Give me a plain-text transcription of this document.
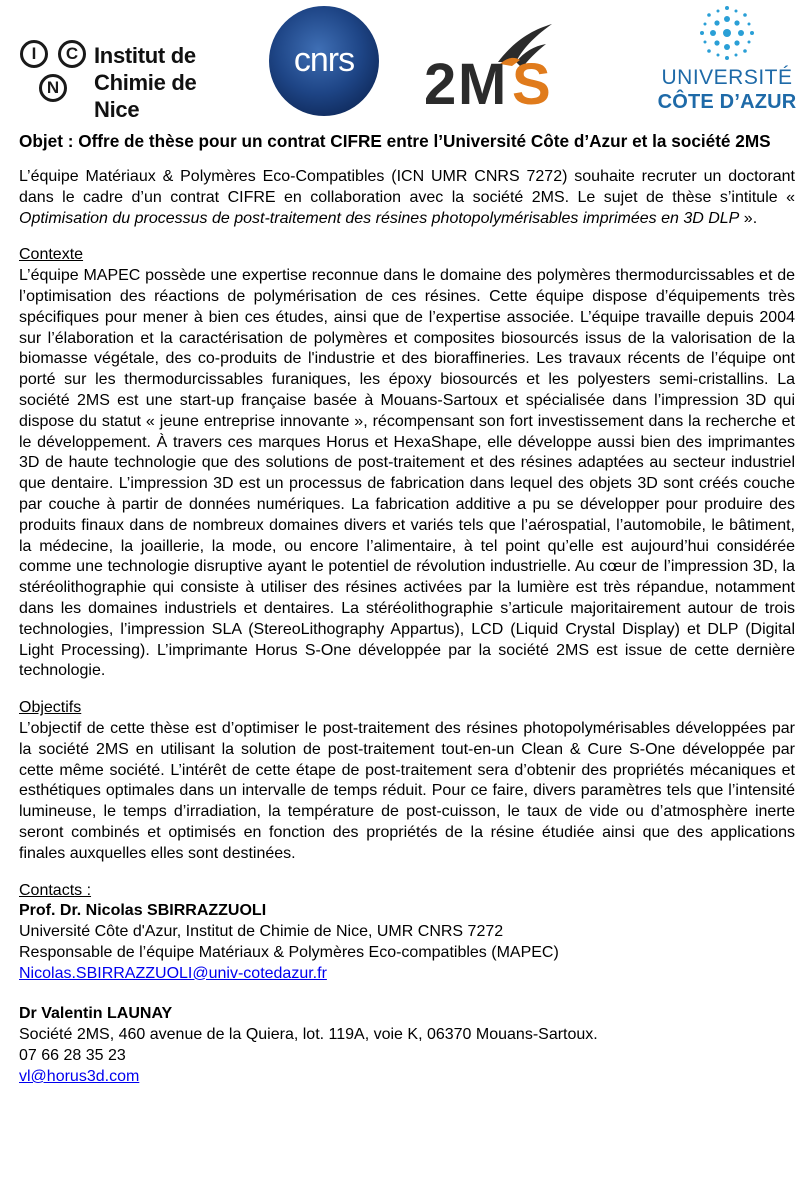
I	C
N
Institut de
Chimie de Nice
cnrs 2 M S	UNIVERSITÉ
CÔTE D’AZUR
Objet : Offre de thèse pour un contrat CIFRE entre l’Université Côte d’Azur et la société 2MS

L’équipe Matériaux & Polymères Eco-Compatibles (ICN UMR CNRS 7272) souhaite recruter un doctorant dans le cadre d’un contrat CIFRE en collaboration avec la société 2MS. Le sujet de thèse s’intitule « Optimisation du processus de post-traitement des résines photopolymérisables imprimées en 3D DLP ».

Contexte

L’équipe MAPEC possède une expertise reconnue dans le domaine des polymères thermodurcissables et de l’optimisation des réactions de polymérisation de ces résines. Cette équipe dispose d’équipements très spécifiques pour mener à bien ces études, ainsi que de l’expertise associée. L’équipe travaille depuis 2004 sur l’élaboration et la caractérisation de polymères et composites biosourcés issus de la valorisation de la biomasse végétale, des co-produits de l'industrie et des bioraffineries. Les travaux récents de l’équipe ont porté sur les thermodurcissables furaniques, les époxy biosourcés et les polyesters semi-cristallins. La société 2MS est une start-up française basée à Mouans-Sartoux et spécialisée dans l’impression 3D qui dispose du statut « jeune entreprise innovante », récompensant son fort investissement dans la recherche et le développement. À travers ces marques Horus et HexaShape, elle développe aussi bien des imprimantes 3D de haute technologie que des solutions de post-traitement et des résines adaptées au secteur industriel que dentaire. L’impression 3D est un processus de fabrication dans lequel des objets 3D sont créés couche par couche à partir de données numériques. La fabrication additive a pu se développer pour produire des produits finaux dans de nombreux domaines divers et variés tels que l’aérospatial, l’automobile, le bâtiment, la médecine, la joaillerie, la mode, ou encore l’alimentaire, à tel point qu’elle est aujourd’hui considérée comme une technologie disruptive ayant le potentiel de révolution industrielle. Au cœur de l’impression 3D, la stéréolithographie qui consiste à utiliser des résines activées par la lumière est très répandue, notamment dans les domaines industriels et dentaires. La stéréolithographie s’articule majoritairement autour de trois technologies, l’impression SLA (StereoLithography Appartus), LCD (Liquid Crystal Display) et DLP (Digital Light Processing). L’imprimante Horus S-One développée par la société 2MS est issue de cette dernière technologie.

Objectifs

L’objectif de cette thèse est d’optimiser le post-traitement des résines photopolymérisables développées par la société 2MS en utilisant la solution de post-traitement tout-en-un Clean & Cure S-One développée par cette même société. L’intérêt de cette étape de post-traitement sera d’obtenir des propriétés mécaniques et esthétiques optimales dans un intervalle de temps réduit. Pour ce faire, divers paramètres tels que l’intensité lumineuse, le temps d’irradiation, la température de post-cuisson, le taux de vide ou d’atmosphère inerte seront combinés et optimisés en fonction des propriétés de la résine étudiée ainsi que des applications finales auxquelles elles sont destinées.

Contacts :
Prof. Dr. Nicolas SBIRRAZZUOLI
Université Côte d'Azur, Institut de Chimie de Nice, UMR CNRS 7272
Responsable de l’équipe Matériaux & Polymères Eco-compatibles (MAPEC)
Nicolas.SBIRRAZZUOLI@univ-cotedazur.fr
Dr Valentin LAUNAY
Société 2MS, 460 avenue de la Quiera, lot. 119A, voie K, 06370 Mouans-Sartoux.
07 66 28 35 23
vl@horus3d.com
